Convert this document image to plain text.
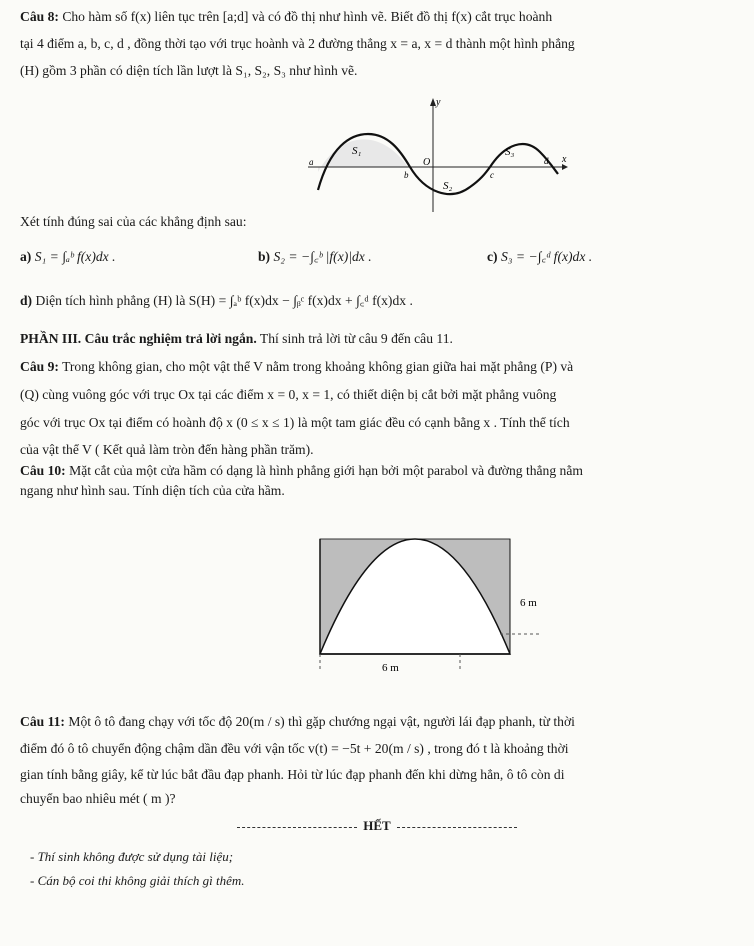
Câu 8: Cho hàm số f(x) liên tục trên [a;d] và có đồ thị như hình vẽ. Biết đồ thị f(x) cắt trục hoành
tại 4 điểm a, b, c, d , đồng thời tạo với trục hoành và 2 đường thẳng x = a, x = d thành một hình phẳng
(H) gồm 3 phần có diện tích lần lượt là S₁, S₂, S₃ như hình vẽ.
y
x
O
a
b	c
d
S₁
S₂
S₃
Xét tính đúng sai của các khẳng định sau:
a) S₁ = ∫ₐᵇ f(x)dx .	b) S₂ = −∫꜀ᵇ |f(x)|dx .	c) S₃ = −∫꜀ᵈ f(x)dx .
d) Diện tích hình phẳng (H) là S(H) = ∫ₐᵇ f(x)dx − ∫ᵦᶜ f(x)dx + ∫꜀ᵈ f(x)dx .
PHẦN III. Câu trắc nghiệm trả lời ngắn. Thí sinh trả lời từ câu 9 đến câu 11.
Câu 9: Trong không gian, cho một vật thể V nằm trong khoảng không gian giữa hai mặt phẳng (P) và
(Q) cùng vuông góc với trục Ox tại các điểm x = 0, x = 1, có thiết diện bị cắt bởi mặt phẳng vuông
góc với trục Ox tại điểm có hoành độ x (0 ≤ x ≤ 1) là một tam giác đều có cạnh bằng x . Tính thể tích
của vật thể V ( Kết quả làm tròn đến hàng phần trăm).
Câu 10: Mặt cắt của một cửa hầm có dạng là hình phẳng giới hạn bởi một parabol và đường thẳng nằm
ngang như hình sau. Tính diện tích của cửa hầm.
6 m
6 m
Câu 11: Một ô tô đang chạy với tốc độ 20(m / s) thì gặp chướng ngại vật, người lái đạp phanh, từ thời
điểm đó ô tô chuyển động chậm dần đều với vận tốc v(t) = −5t + 20(m / s) , trong đó t là khoảng thời
gian tính bằng giây, kể từ lúc bắt đầu đạp phanh. Hỏi từ lúc đạp phanh đến khi dừng hẳn, ô tô còn di
chuyển bao nhiêu mét ( m )?
HẾT
- Thí sinh không được sử dụng tài liệu;
- Cán bộ coi thi không giải thích gì thêm.
